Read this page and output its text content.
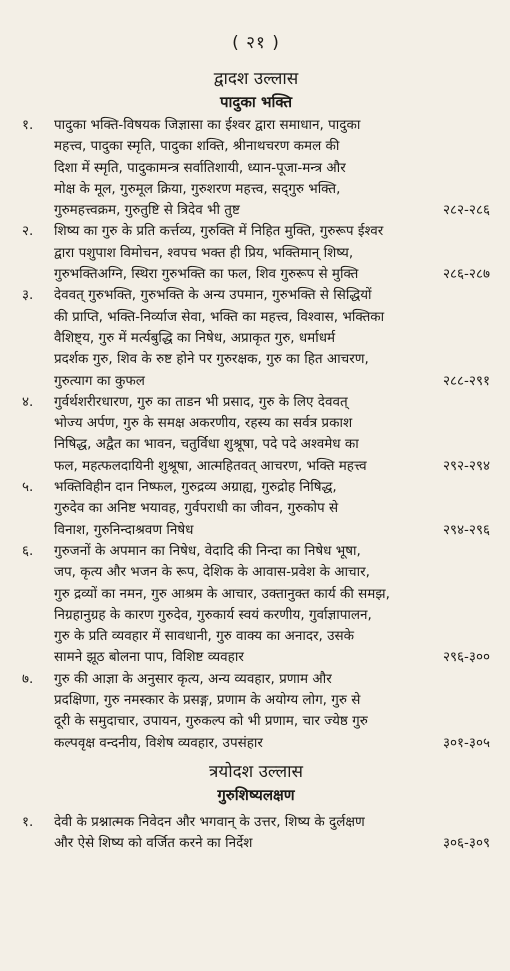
( २१ )
द्वादश उल्लास
पादुका भक्ति
१.	पादुका भक्ति-विषयक जिज्ञासा का ईश्वर द्वारा समाधान, पादुका
महत्त्व, पादुका स्मृति, पादुका शक्ति, श्रीनाथचरण कमल की
दिशा में स्मृति, पादुकामन्त्र सर्वातिशायी, ध्यान-पूजा-मन्त्र और
मोक्ष के मूल, गुरुमूल क्रिया, गुरुशरण महत्त्व, सद्‌गुरु भक्ति,
गुरुमहत्त्वक्रम, गुरुतुष्टि से त्रिदेव भी तुष्ट	२८२-२८६
२.	शिष्य का गुरु के प्रति कर्त्तव्य, गुरुक्ति में निहित मुक्ति, गुरुरूप ईश्वर
द्वारा पशुपाश विमोचन, श्वपच भक्त ही प्रिय, भक्तिमान् शिष्य,
गुरुभक्तिअग्नि, स्थिरा गुरुभक्ति का फल, शिव गुरुरूप से मुक्ति	२८६-२८७
३.	देववत् गुरुभक्ति, गुरुभक्ति के अन्य उपमान, गुरुभक्ति से सिद्धियों
की प्राप्ति, भक्ति-निर्व्याज सेवा, भक्ति का महत्त्व, विश्वास, भक्तिका
वैशिष्ट्य, गुरु में मर्त्यबुद्धि का निषेध, अप्राकृत गुरु, धर्माधर्म
प्रदर्शक गुरु, शिव के रुष्ट होने पर गुरुरक्षक, गुरु का हित आचरण,
गुरुत्याग का कुफल	२८८-२९१
४.	गुर्वर्थशरीरधारण, गुरु का ताडन भी प्रसाद, गुरु के लिए देववत्
भोज्य अर्पण, गुरु के समक्ष अकरणीय, रहस्य का सर्वत्र प्रकाश
निषिद्ध, अद्वैत का भावन, चतुर्विधा शुश्रूषा, पदे पदे अश्वमेध का
फल, महत्फलदायिनी शुश्रूषा, आत्महितवत् आचरण, भक्ति महत्त्व	२९२-२९४
५.	भक्तिविहीन दान निष्फल, गुरुद्रव्य अग्राह्य, गुरुद्रोह निषिद्ध,
गुरुदेव का अनिष्ट भयावह, गुर्वपराधी का जीवन, गुरुकोप से
विनाश, गुरुनिन्दाश्रवण निषेध	२९४-२९६
६.	गुरुजनों के अपमान का निषेध, वेदादि की निन्दा का निषेध भूषा,
जप, कृत्य और भजन के रूप, देशिक के आवास-प्रवेश के आचार,
गुरु द्रव्यों का नमन, गुरु आश्रम के आचार, उक्तानुक्त कार्य की समझ,
निग्रहानुग्रह के कारण गुरुदेव, गुरुकार्य स्वयं करणीय, गुर्वाज्ञापालन,
गुरु के प्रति व्यवहार में सावधानी, गुरु वाक्य का अनादर, उसके
सामने झूठ बोलना पाप, विशिष्ट व्यवहार	२९६-३००
७.	गुरु की आज्ञा के अनुसार कृत्य, अन्य व्यवहार, प्रणाम और
प्रदक्षिणा, गुरु नमस्कार के प्रसङ्ग, प्रणाम के अयोग्य लोग, गुरु से
दूरी के समुदाचार, उपायन, गुरुकल्प को भी प्रणाम, चार ज्येष्ठ गुरु
कल्पवृक्ष वन्दनीय, विशेष व्यवहार, उपसंहार	३०१-३०५
त्रयोदश उल्लास
गुरुशिष्यलक्षण
१.	देवी के प्रश्नात्मक निवेदन और भगवान् के उत्तर, शिष्य के दुर्लक्षण
और ऐसे शिष्य को वर्जित करने का निर्देश	३०६-३०९
